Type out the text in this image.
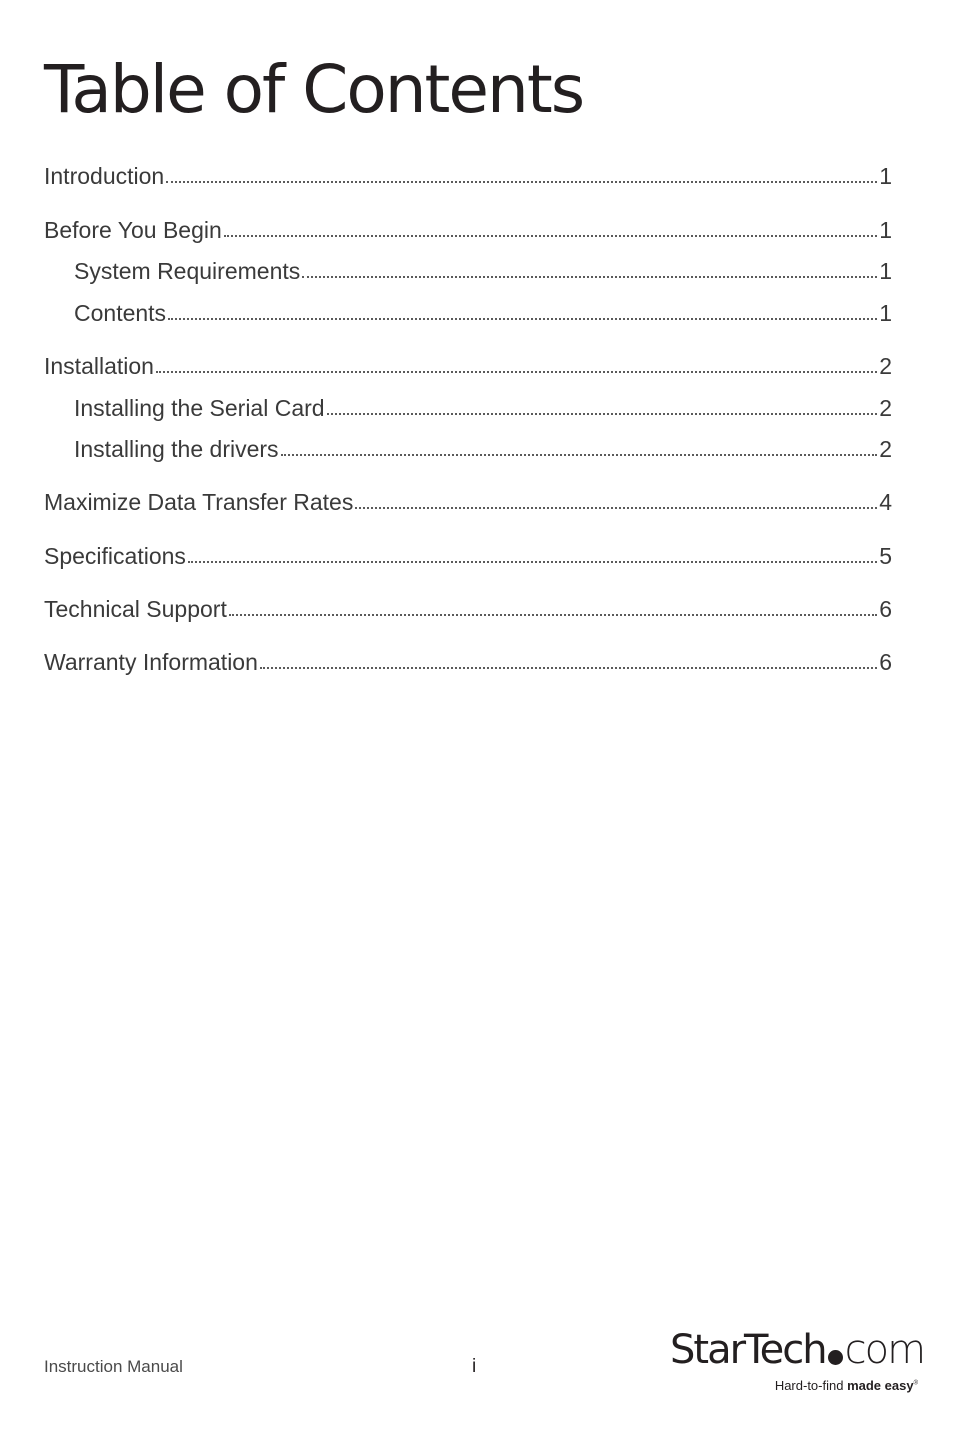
Table of Contents
Introduction	1
Before You Begin	1
System Requirements	1
Contents	1
Installation	2
Installing the Serial Card	2
Installing the drivers	2
Maximize Data Transfer Rates	4
Specifications	5
Technical Support	6
Warranty Information	6
Instruction Manual	i	StarTech com
Hard-to-find made easy®
